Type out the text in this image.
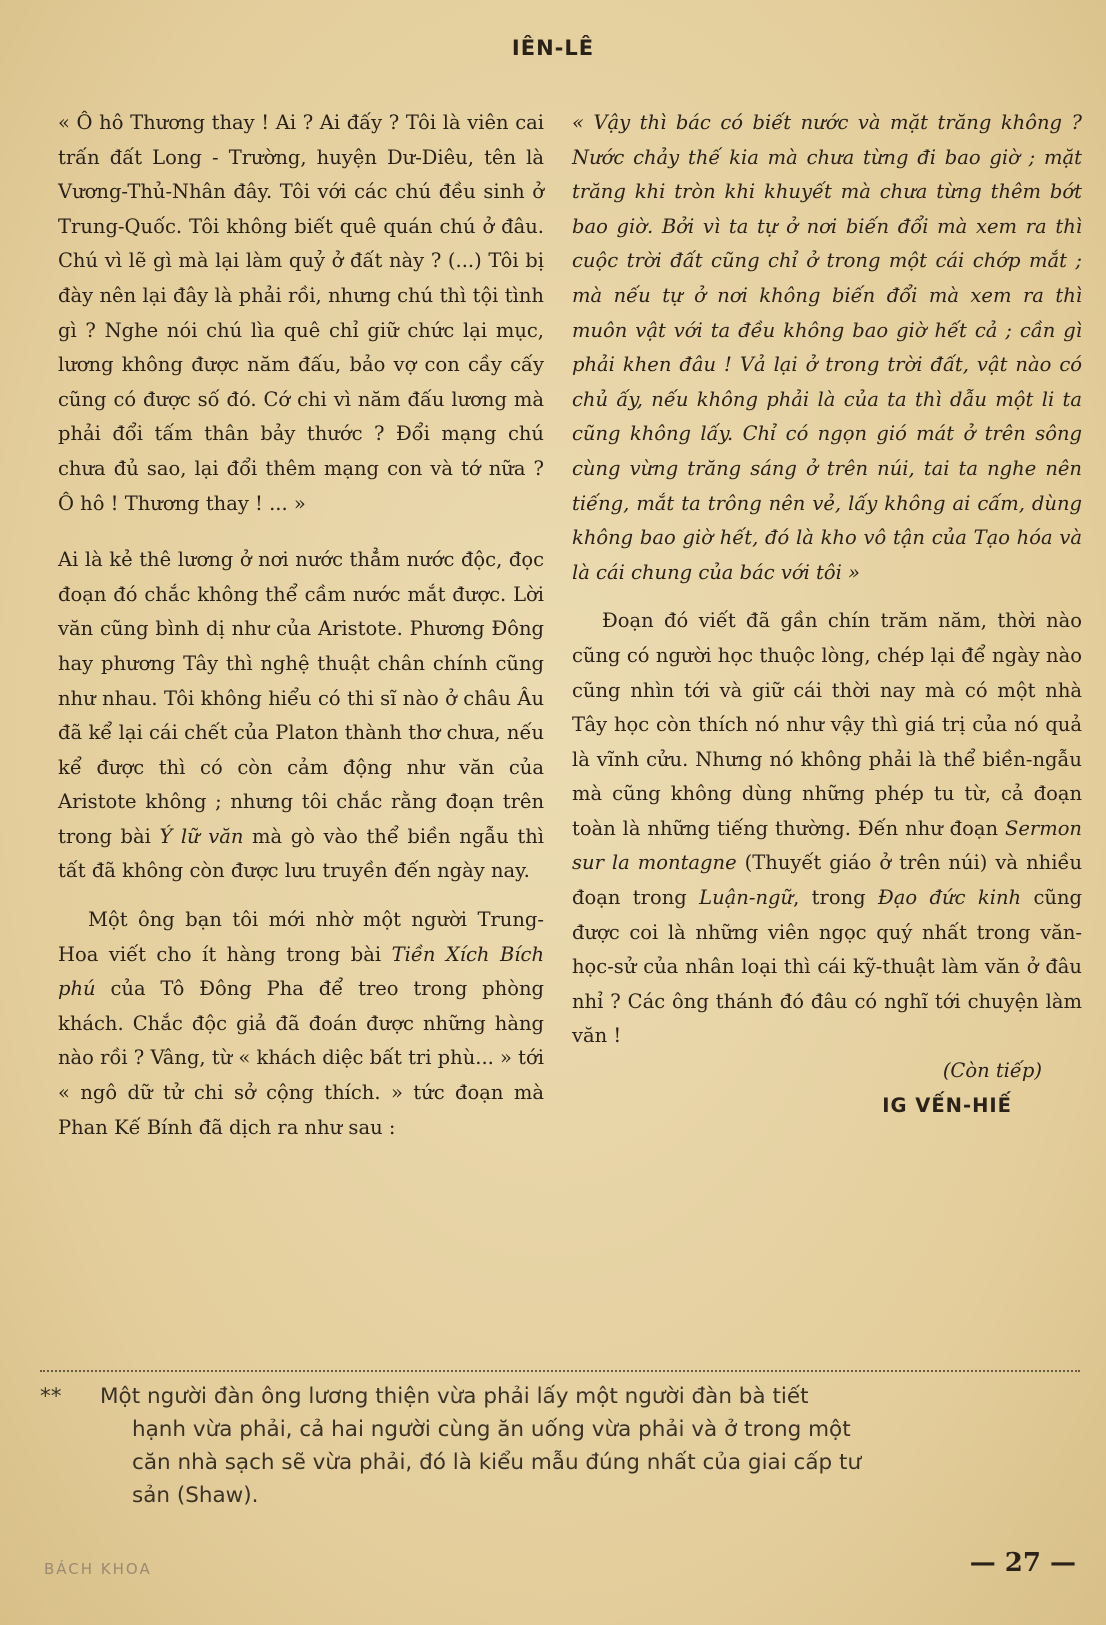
IÊN-LÊ

« Ô hô Thương thay ! Ai ? Ai đấy ? Tôi là viên cai trấn đất Long - Trường, huyện Dư-Diêu, tên là Vương-Thủ-Nhân đây. Tôi với các chú đều sinh ở Trung-Quốc. Tôi không biết quê quán chú ở đâu. Chú vì lẽ gì mà lại làm quỷ ở đất này ? (...) Tôi bị đày nên lại đây là phải rồi, nhưng chú thì tội tình gì ? Nghe nói chú lìa quê chỉ giữ chức lại mục, lương không được năm đấu, bảo vợ con cầy cấy cũng có được số đó. Cớ chi vì năm đấu lương mà phải đổi tấm thân bảy thước ? Đổi mạng chú chưa đủ sao, lại đổi thêm mạng con và tớ nữa ? Ô hô ! Thương thay ! ... »

Ai là kẻ thê lương ở nơi nước thẳm nước độc, đọc đoạn đó chắc không thể cầm nước mắt được. Lời văn cũng bình dị như của Aristote. Phương Đông hay phương Tây thì nghệ thuật chân chính cũng như nhau. Tôi không hiểu có thi sĩ nào ở châu Âu đã kể lại cái chết của Platon thành thơ chưa, nếu kể được thì có còn cảm động như văn của Aristote không ; nhưng tôi chắc rằng đoạn trên trong bài Ý lữ văn mà gò vào thể biền ngẫu thì tất đã không còn được lưu truyền đến ngày nay.

Một ông bạn tôi mới nhờ một người Trung-Hoa viết cho ít hàng trong bài Tiền Xích Bích phú của Tô Đông Pha để treo trong phòng khách. Chắc độc giả đã đoán được những hàng nào rồi ? Vâng, từ « khách diệc bất tri phù... » tới « ngô dữ tử chi sở cộng thích. » tức đoạn mà Phan Kế Bính đã dịch ra như sau :

« Vậy thì bác có biết nước và mặt trăng không ? Nước chảy thế kia mà chưa từng đi bao giờ ; mặt trăng khi tròn khi khuyết mà chưa từng thêm bớt bao giờ. Bởi vì ta tự ở nơi biến đổi mà xem ra thì cuộc trời đất cũng chỉ ở trong một cái chớp mắt ; mà nếu tự ở nơi không biến đổi mà xem ra thì muôn vật với ta đều không bao giờ hết cả ; cần gì phải khen đâu ! Vả lại ở trong trời đất, vật nào có chủ ấy, nếu không phải là của ta thì dẫu một li ta cũng không lấy. Chỉ có ngọn gió mát ở trên sông cùng vừng trăng sáng ở trên núi, tai ta nghe nên tiếng, mắt ta trông nên vẻ, lấy không ai cấm, dùng không bao giờ hết, đó là kho vô tận của Tạo hóa và là cái chung của bác với tôi »

Đoạn đó viết đã gần chín trăm năm, thời nào cũng có người học thuộc lòng, chép lại để ngày nào cũng nhìn tới và giữ cái thời nay mà có một nhà Tây học còn thích nó như vậy thì giá trị của nó quả là vĩnh cửu. Nhưng nó không phải là thể biền-ngẫu mà cũng không dùng những phép tu từ, cả đoạn toàn là những tiếng thường. Đến như đoạn Sermon sur la montagne (Thuyết giáo ở trên núi) và nhiều đoạn trong Luận-ngữ, trong Đạo đức kinh cũng được coi là những viên ngọc quý nhất trong văn-học-sử của nhân loại thì cái kỹ-thuật làm văn ở đâu nhỉ ? Các ông thánh đó đâu có nghĩ tới chuyện làm văn !

(Còn tiếp)

IG VẾN-HIẾ

** Một người đàn ông lương thiện vừa phải lấy một người đàn bà tiết
hạnh vừa phải, cả hai người cùng ăn uống vừa phải và ở trong một
căn nhà sạch sẽ vừa phải, đó là kiểu mẫu đúng nhất của giai cấp tư
sản (Shaw).
BÁCH KHOA	— 27 —
